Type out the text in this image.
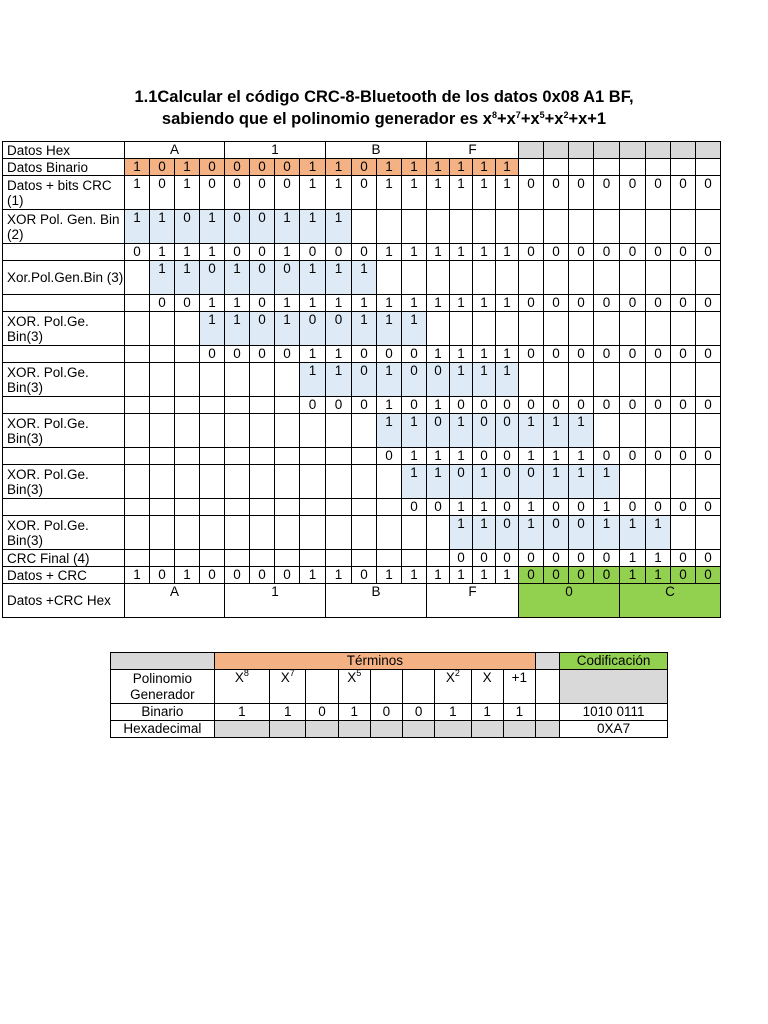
1.1Calcular el código CRC-8-Bluetooth de los datos 0x08 A1 BF,
sabiendo que el polinomio generador es $x^8+x^7+x^5+x^2+x+1$
Datos Hex	A				1				B				F											
Datos Binario	1	0	1	0	0	0	0	1	1	0	1	1	1	1	1	1								
Datos + bits CRC (1)	1	0	1	0	0	0	0	1	1	0	1	1	1	1	1	1	0	0	0	0	0	0	0	0
XOR Pol. Gen. Bin (2)	1	1	0	1	0	0	1	1	1															
	0	1	1	1	0	0	1	0	0	0	1	1	1	1	1	1	0	0	0	0	0	0	0	0
Xor.Pol.Gen.Bin (3)		1	1	0	1	0	0	1	1	1														
		0	0	1	1	0	1	1	1	1	1	1	1	1	1	1	0	0	0	0	0	0	0	0
XOR. Pol.Ge. Bin(3)				1	1	0	1	0	0	1	1	1												
				0	0	0	0	1	1	0	0	0	1	1	1	1	0	0	0	0	0	0	0	0
XOR. Pol.Ge. Bin(3)								1	1	0	1	0	0	1	1	1								
								0	0	0	1	0	1	0	0	0	0	0	0	0	0	0	0	0
XOR. Pol.Ge. Bin(3)											1	1	0	1	0	0	1	1	1					
											0	1	1	1	0	0	1	1	1	0	0	0	0	0
XOR. Pol.Ge. Bin(3)												1	1	0	1	0	0	1	1	1				
												0	0	1	1	0	1	0	0	1	0	0	0	0
XOR. Pol.Ge. Bin(3)														1	1	0	1	0	0	1	1	1		
CRC Final (4)														0	0	0	0	0	0	0	1	1	0	0
Datos + CRC	1	0	1	0	0	0	0	1	1	0	1	1	1	1	1	1	0	0	0	0	1	1	0	0
Datos +CRC Hex	A				1				B				F				0				C			
	Términos										Codificación
Polinomio Generador	$X^8$	$X^7$		$X^5$			$X^2$	X	+1		
Binario	1	1	0	1	0	0	1	1	1		1010 0111
Hexadecimal											0XA7
